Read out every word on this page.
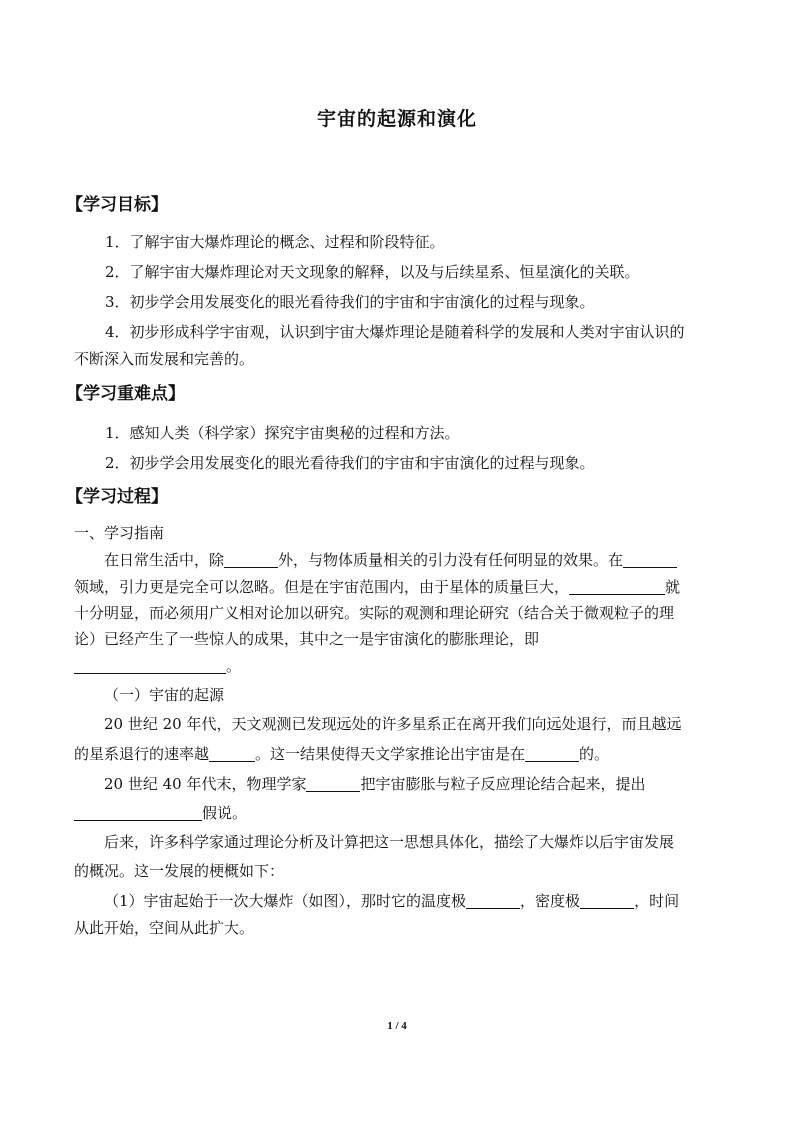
宇宙的起源和演化
【学习目标】
1．了解宇宙大爆炸理论的概念、过程和阶段特征。
2．了解宇宙大爆炸理论对天文现象的解释，以及与后续星系、恒星演化的关联。
3．初步学会用发展变化的眼光看待我们的宇宙和宇宙演化的过程与现象。
4．初步形成科学宇宙观，认识到宇宙大爆炸理论是随着科学的发展和人类对宇宙认识的
不断深入而发展和完善的。
【学习重难点】
1．感知人类（科学家）探究宇宙奥秘的过程和方法。
2．初步学会用发展变化的眼光看待我们的宇宙和宇宙演化的过程与现象。
【学习过程】
一、学习指南
在日常生活中，除	外，与物体质量相关的引力没有任何明显的效果。在
领域，引力更是完全可以忽略。但是在宇宙范围内，由于星体的质量巨大，	就
十分明显，而必须用广义相对论加以研究。实际的观测和理论研究（结合关于微观粒子的理
论）已经产生了一些惊人的成果，其中之一是宇宙演化的膨胀理论，即
。
（一）宇宙的起源
20 世纪 20 年代，天文观测已发现远处的许多星系正在离开我们向远处退行，而且越远
的星系退行的速率越	。这一结果使得天文学家推论出宇宙是在	的。
20 世纪 40 年代末，物理学家	把宇宙膨胀与粒子反应理论结合起来，提出
假说。
后来，许多科学家通过理论分析及计算把这一思想具体化，描绘了大爆炸以后宇宙发展
的概况。这一发展的梗概如下：
（1）宇宙起始于一次大爆炸（如图），那时它的温度极	，密度极	，时间
从此开始，空间从此扩大。
1 / 4
